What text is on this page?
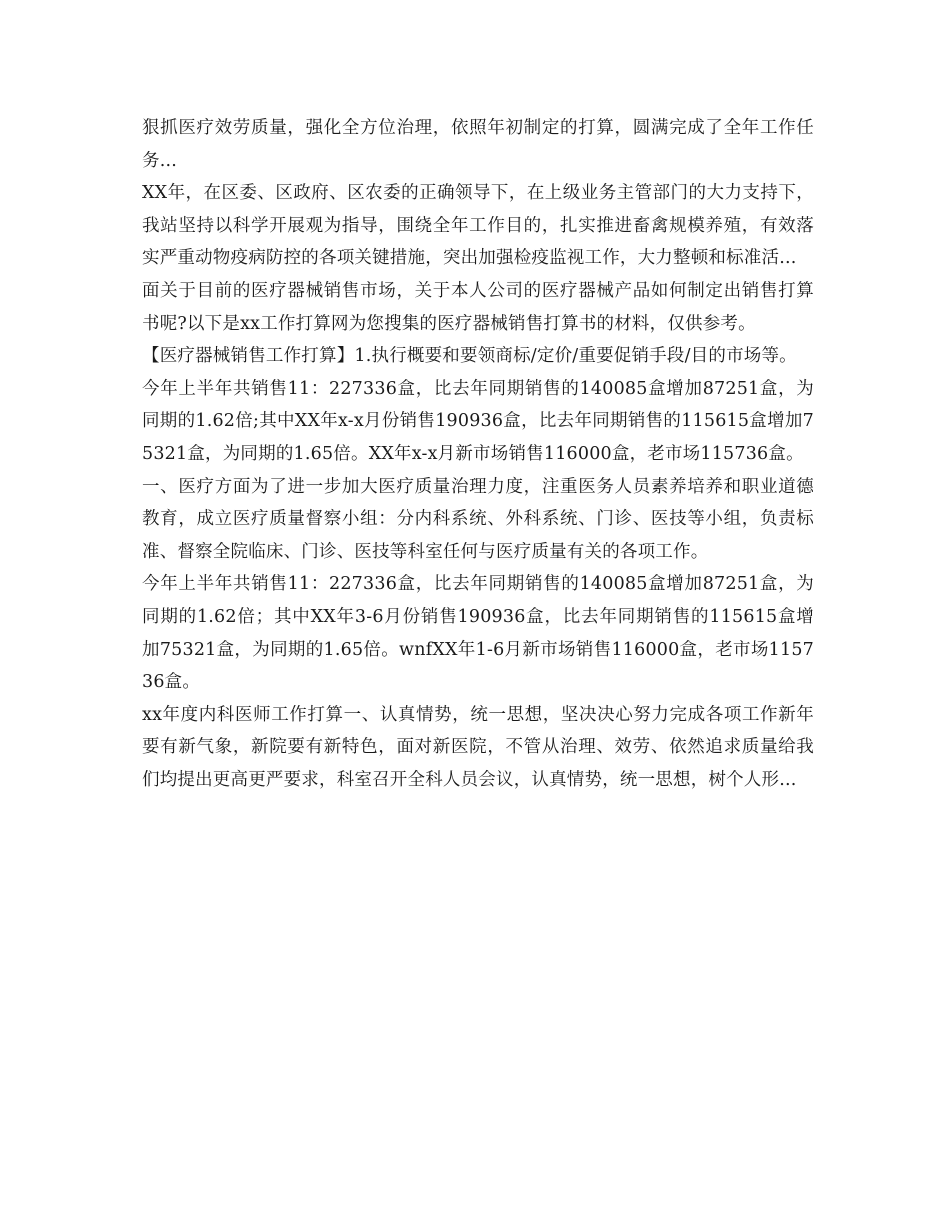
狠抓医疗效劳质量，强化全方位治理，依照年初制定的打算，圆满完成了全年工作任务...

XX年，在区委、区政府、区农委的正确领导下，在上级业务主管部门的大力支持下，我站坚持以科学开展观为指导，围绕全年工作目的，扎实推进畜禽规模养殖，有效落实严重动物疫病防控的各项关键措施，突出加强检疫监视工作，大力整顿和标准活...

面关于目前的医疗器械销售市场，关于本人公司的医疗器械产品如何制定出销售打算书呢?以下是xx工作打算网为您搜集的医疗器械销售打算书的材料，仅供参考。

【医疗器械销售工作打算】1.执行概要和要领商标/定价/重要促销手段/目的市场等。

今年上半年共销售11：227336盒，比去年同期销售的140085盒增加87251盒，为同期的1.62倍;其中XX年x-x月份销售190936盒，比去年同期销售的115615盒增加75321盒，为同期的1.65倍。XX年x-x月新市场销售116000盒，老市场115736盒。

一、医疗方面为了进一步加大医疗质量治理力度，注重医务人员素养培养和职业道德教育，成立医疗质量督察小组：分内科系统、外科系统、门诊、医技等小组，负责标准、督察全院临床、门诊、医技等科室任何与医疗质量有关的各项工作。

今年上半年共销售11：227336盒，比去年同期销售的140085盒增加87251盒，为同期的1.62倍；其中XX年3-6月份销售190936盒，比去年同期销售的115615盒增加75321盒，为同期的1.65倍。wnfXX年1-6月新市场销售116000盒，老市场115736盒。

xx年度内科医师工作打算一、认真情势，统一思想，坚决决心努力完成各项工作新年要有新气象，新院要有新特色，面对新医院，不管从治理、效劳、依然追求质量给我们均提出更高更严要求，科室召开全科人员会议，认真情势，统一思想，树个人形...
